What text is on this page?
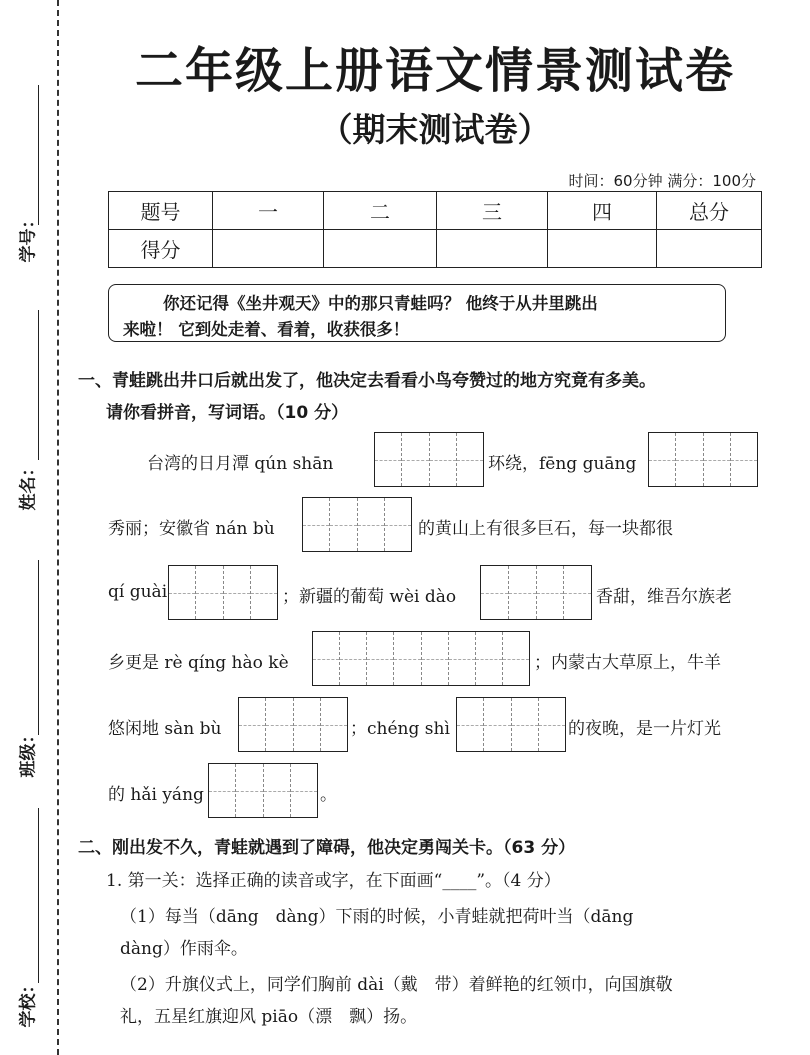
学号：
姓名：
班级：
学校：
二年级上册语文情景测试卷
（期末测试卷）
时间：60分钟 满分：100分
题号	一	二	三	四	总分
得分					
你还记得《坐井观天》中的那只青蛙吗？ 他终于从井里跳出
来啦！ 它到处走着、看着，收获很多！
一、青蛙跳出井口后就出发了，他决定去看看小鸟夸赞过的地方究竟有多美。
请你看拼音，写词语。（10 分）
台湾的日月潭 qún shān	环绕，fēng guāng
秀丽；安徽省 nán bù	的黄山上有很多巨石，每一块都很
qí guài	；新疆的葡萄 wèi dào	香甜，维吾尔族老
乡更是 rè qíng hào kè	；内蒙古大草原上，牛羊
悠闲地 sàn bù	；chéng shì	的夜晚，是一片灯光
的 hǎi yáng	。
二、刚出发不久，青蛙就遇到了障碍，他决定勇闯关卡。（63 分）
1. 第一关：选择正确的读音或字，在下面画“____”。（4 分）
（1）每当（dāng　dàng）下雨的时候，小青蛙就把荷叶当（dāng
dàng）作雨伞。
（2）升旗仪式上，同学们胸前 dài（戴　带）着鲜艳的红领巾，向国旗敬
礼，五星红旗迎风 piāo（漂　飘）扬。
